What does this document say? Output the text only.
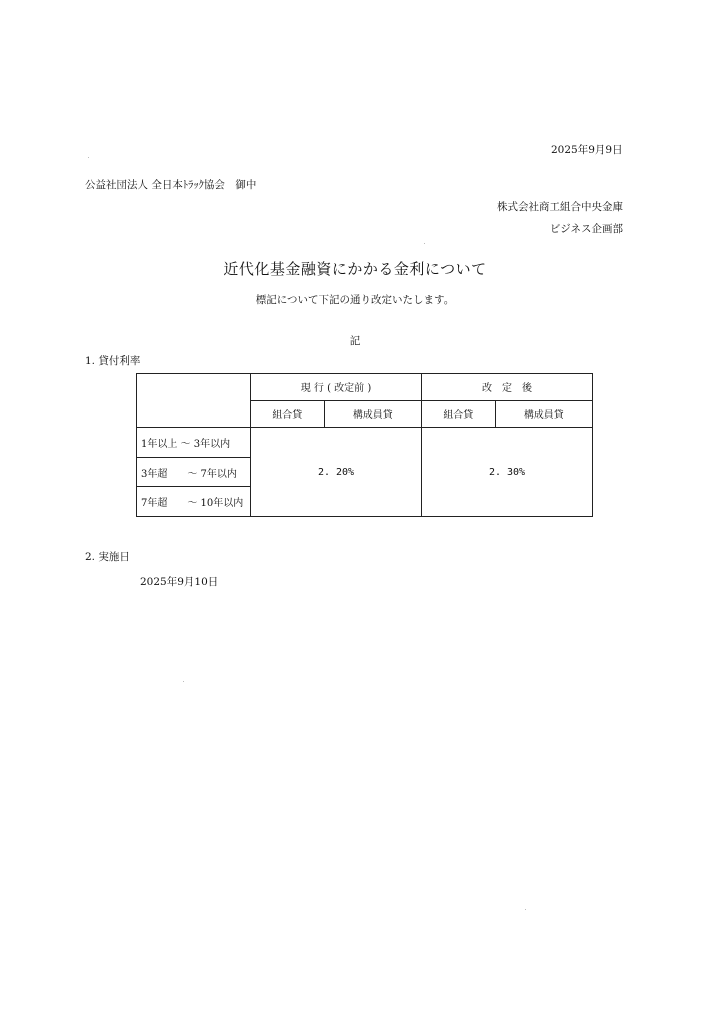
2025年9月9日
公益社団法人 全日本ﾄﾗｯｸ協会　御中
株式会社商工組合中央金庫
ビジネス企画部
近代化基金融資にかかる金利について
標記について下記の通り改定いたします。
記
1. 貸付利率
	現 行 ( 改定前 )		改　定　後	
	組合貸	構成員貸	組合貸	構成員貸
1年以上 ～ 3年以内	2. 20%		2. 30%	
3年超　　～ 7年以内				
7年超　　～ 10年以内				
2. 実施日
2025年9月10日
